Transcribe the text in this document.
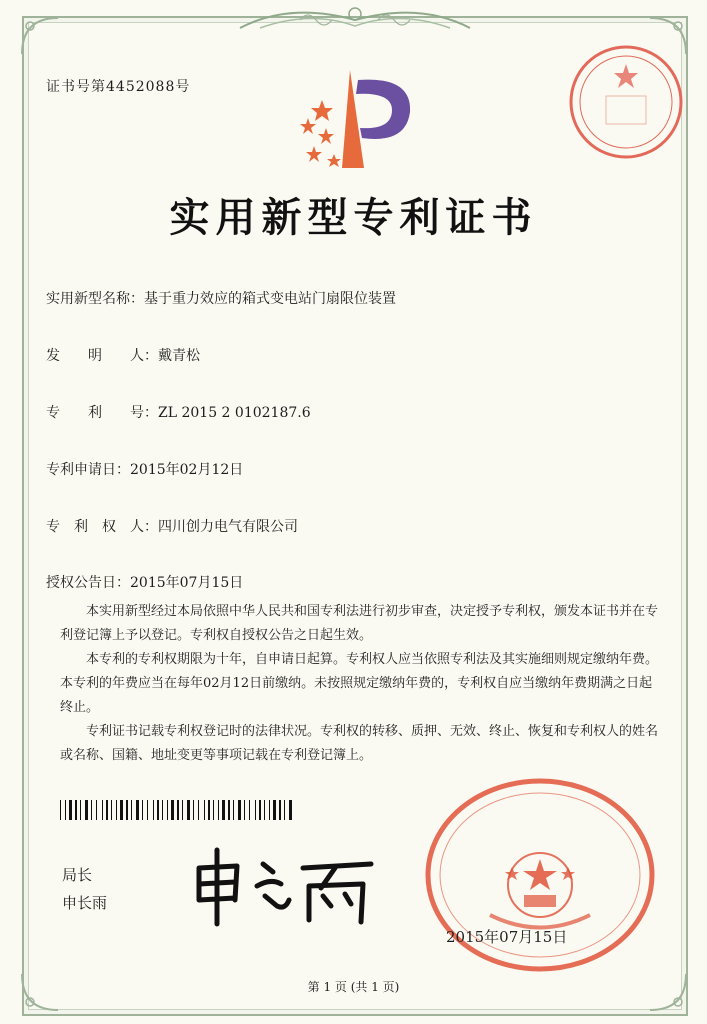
证书号第4452088号
实用新型专利证书
实用新型名称：基于重力效应的箱式变电站门扇限位装置
发　　明　　人：戴青松
专　　利　　号：ZL 2015 2 0102187.6
专利申请日：2015年02月12日
专　利　权　人：四川创力电气有限公司
授权公告日：2015年07月15日

本实用新型经过本局依照中华人民共和国专利法进行初步审查，决定授予专利权，颁发本证书并在专利登记簿上予以登记。专利权自授权公告之日起生效。

本专利的专利权期限为十年，自申请日起算。专利权人应当依照专利法及其实施细则规定缴纳年费。本专利的年费应当在每年02月12日前缴纳。未按照规定缴纳年费的，专利权自应当缴纳年费期满之日起终止。

专利证书记载专利权登记时的法律状况。专利权的转移、质押、无效、终止、恢复和专利权人的姓名或名称、国籍、地址变更等事项记载在专利登记簿上。

局长
申长雨
2015年07月15日
第 1 页 (共 1 页)
